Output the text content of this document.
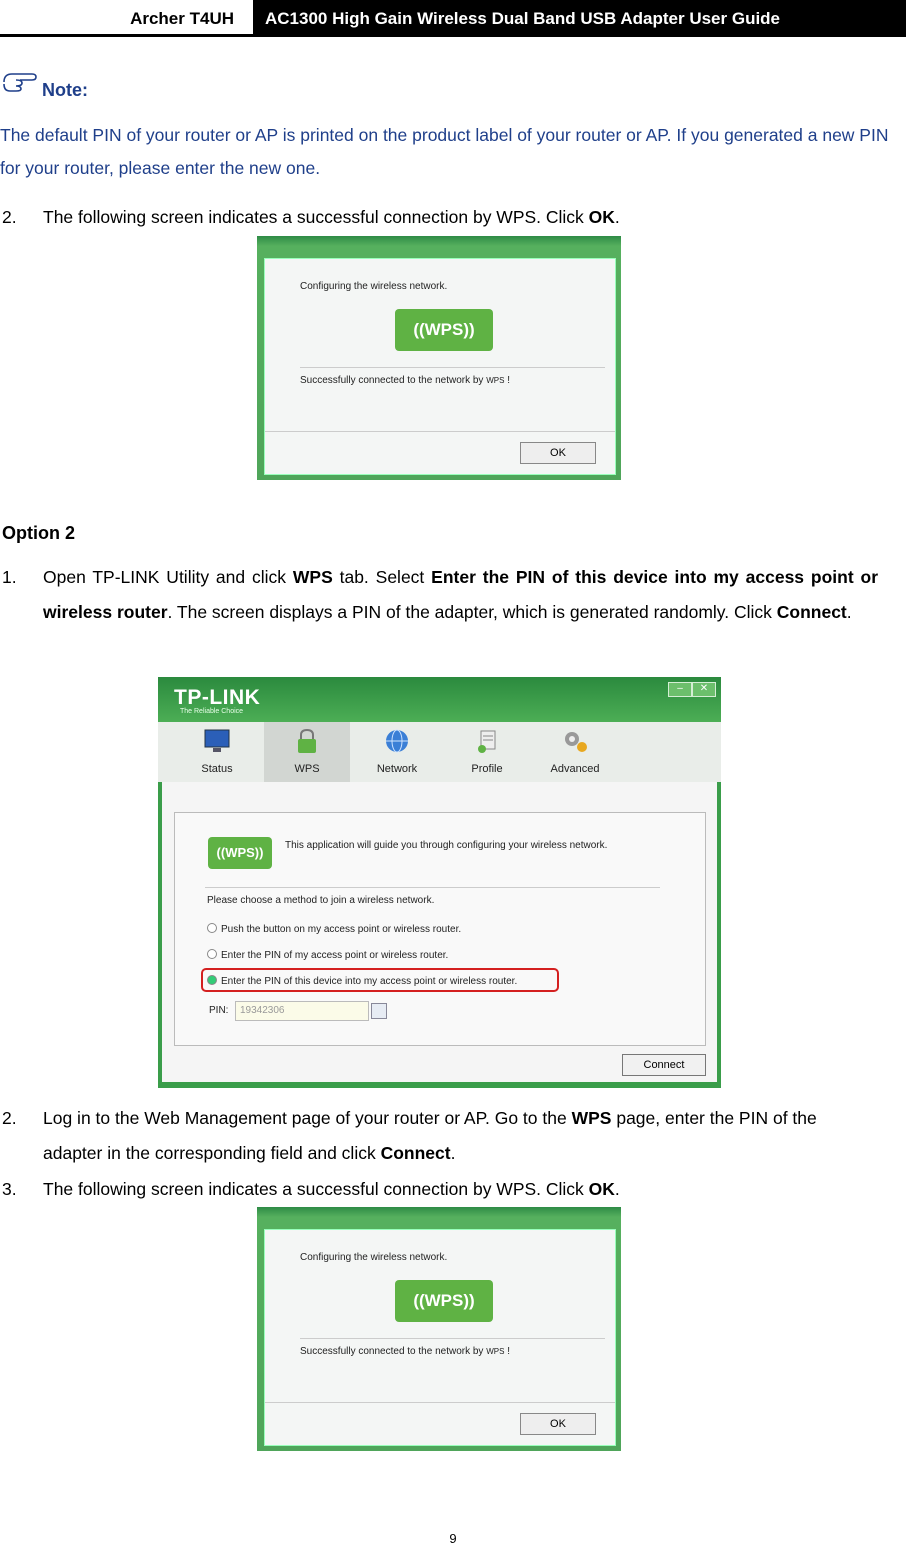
Archer T4UH AC1300 High Gain Wireless Dual Band USB Adapter User Guide
Note:
The default PIN of your router or AP is printed on the product label of your router or AP. If you generated a new PIN for your router, please enter the new one.
2. The following screen indicates a successful connection by WPS. Click OK.
Configuring the wireless network.
((WPS))
Successfully connected to the network by WPS !
OK
Option 2
1. Open TP-LINK Utility and click WPS tab. Select Enter the PIN of this device into my access point or wireless router. The screen displays a PIN of the adapter, which is generated randomly. Click Connect.
TP-LINK
The Reliable Choice
–	✕
Status	WPS	Network	Profile	Advanced
((WPS))	This application will guide you through configuring your wireless network.
Please choose a method to join a wireless network.
Push the button on my access point or wireless router.
Enter the PIN of my access point or wireless router.
Enter the PIN of this device into my access point or wireless router.
PIN:	19342306
Connect
2. Log in to the Web Management page of your router or AP. Go to the WPS page, enter the PIN of the adapter in the corresponding field and click Connect.
3. The following screen indicates a successful connection by WPS. Click OK.
Configuring the wireless network.
((WPS))
Successfully connected to the network by WPS !
OK
9
